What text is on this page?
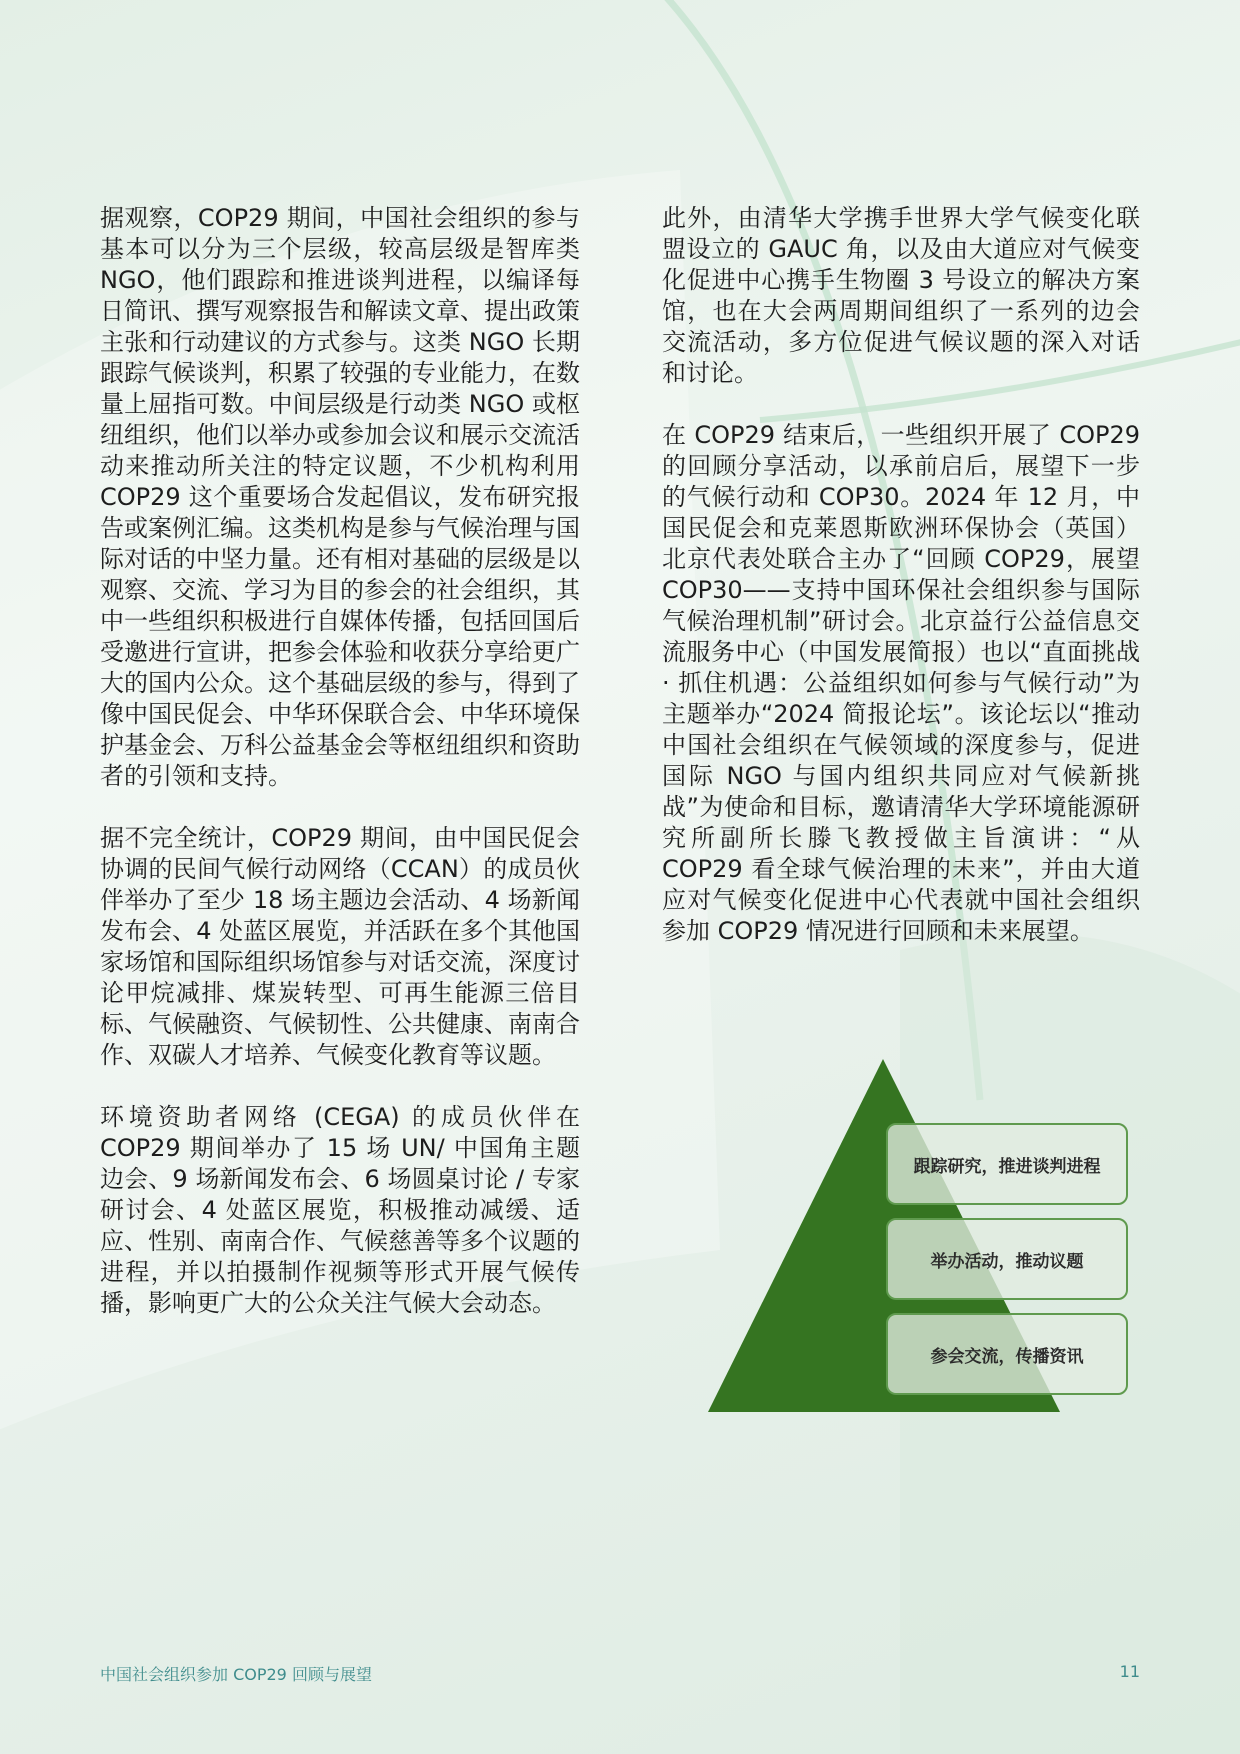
据观察，COP29 期间，中国社会组织的参与基本可以分为三个层级，较高层级是智库类 NGO，他们跟踪和推进谈判进程，以编译每日简讯、撰写观察报告和解读文章、提出政策主张和行动建议的方式参与。这类 NGO 长期跟踪气候谈判，积累了较强的专业能力，在数量上屈指可数。中间层级是行动类 NGO 或枢纽组织，他们以举办或参加会议和展示交流活动来推动所关注的特定议题，不少机构利用 COP29 这个重要场合发起倡议，发布研究报告或案例汇编。这类机构是参与气候治理与国际对话的中坚力量。还有相对基础的层级是以观察、交流、学习为目的参会的社会组织，其中一些组织积极进行自媒体传播，包括回国后受邀进行宣讲，把参会体验和收获分享给更广大的国内公众。这个基础层级的参与，得到了像中国民促会、中华环保联合会、中华环境保护基金会、万科公益基金会等枢纽组织和资助者的引领和支持。

据不完全统计，COP29 期间，由中国民促会协调的民间气候行动网络（CCAN）的成员伙伴举办了至少 18 场主题边会活动、4 场新闻发布会、4 处蓝区展览，并活跃在多个其他国家场馆和国际组织场馆参与对话交流，深度讨论甲烷减排、煤炭转型、可再生能源三倍目标、气候融资、气候韧性、公共健康、南南合作、双碳人才培养、气候变化教育等议题。

环境资助者网络 (CEGA) 的成员伙伴在 COP29 期间举办了 15 场 UN/ 中国角主题边会、9 场新闻发布会、6 场圆桌讨论 / 专家研讨会、4 处蓝区展览，积极推动减缓、适应、性别、南南合作、气候慈善等多个议题的进程，并以拍摄制作视频等形式开展气候传播，影响更广大的公众关注气候大会动态。

此外，由清华大学携手世界大学气候变化联盟设立的 GAUC 角，以及由大道应对气候变化促进中心携手生物圈 3 号设立的解决方案馆，也在大会两周期间组织了一系列的边会交流活动，多方位促进气候议题的深入对话和讨论。

在 COP29 结束后，一些组织开展了 COP29 的回顾分享活动，以承前启后，展望下一步的气候行动和 COP30。2024 年 12 月，中国民促会和克莱恩斯欧洲环保协会（英国）北京代表处联合主办了“回顾 COP29，展望 COP30——支持中国环保社会组织参与国际气候治理机制”研讨会。北京益行公益信息交流服务中心（中国发展简报）也以“直面挑战 · 抓住机遇：公益组织如何参与气候行动”为主题举办“2024 简报论坛”。该论坛以“推动中国社会组织在气候领域的深度参与，促进国际 NGO 与国内组织共同应对气候新挑战”为使命和目标，邀请清华大学环境能源研究所副所长滕飞教授做主旨演讲：“从 COP29 看全球气候治理的未来”，并由大道应对气候变化促进中心代表就中国社会组织参加 COP29 情况进行回顾和未来展望。

跟踪研究，推进谈判进程
举办活动，推动议题
参会交流，传播资讯
中国社会组织参加 COP29 回顾与展望	11
